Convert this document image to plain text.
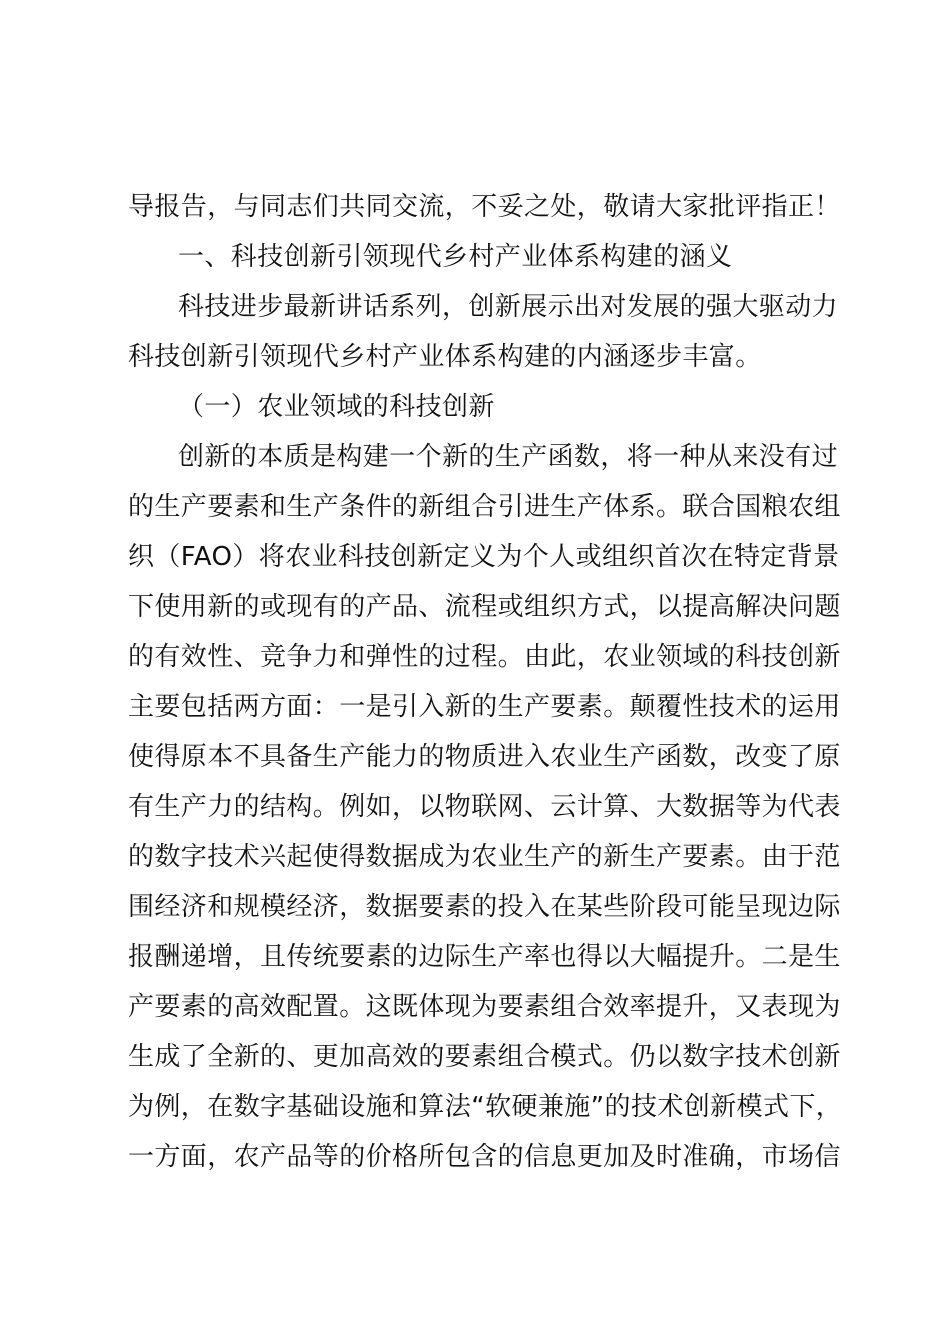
导报告，与同志们共同交流，不妥之处，敬请大家批评指正！
一、科技创新引领现代乡村产业体系构建的涵义
科技进步最新讲话系列，创新展示出对发展的强大驱动力
科技创新引领现代乡村产业体系构建的内涵逐步丰富。
（一）农业领域的科技创新
创新的本质是构建一个新的生产函数，将一种从来没有过
的生产要素和生产条件的新组合引进生产体系。联合国粮农组
织（FAO）将农业科技创新定义为个人或组织首次在特定背景
下使用新的或现有的产品、流程或组织方式，以提高解决问题
的有效性、竞争力和弹性的过程。由此，农业领域的科技创新
主要包括两方面：一是引入新的生产要素。颠覆性技术的运用
使得原本不具备生产能力的物质进入农业生产函数，改变了原
有生产力的结构。例如，以物联网、云计算、大数据等为代表
的数字技术兴起使得数据成为农业生产的新生产要素。由于范
围经济和规模经济，数据要素的投入在某些阶段可能呈现边际
报酬递增，且传统要素的边际生产率也得以大幅提升。二是生
产要素的高效配置。这既体现为要素组合效率提升，又表现为
生成了全新的、更加高效的要素组合模式。仍以数字技术创新
为例，在数字基础设施和算法“软硬兼施”的技术创新模式下，
一方面，农产品等的价格所包含的信息更加及时准确，市场信
